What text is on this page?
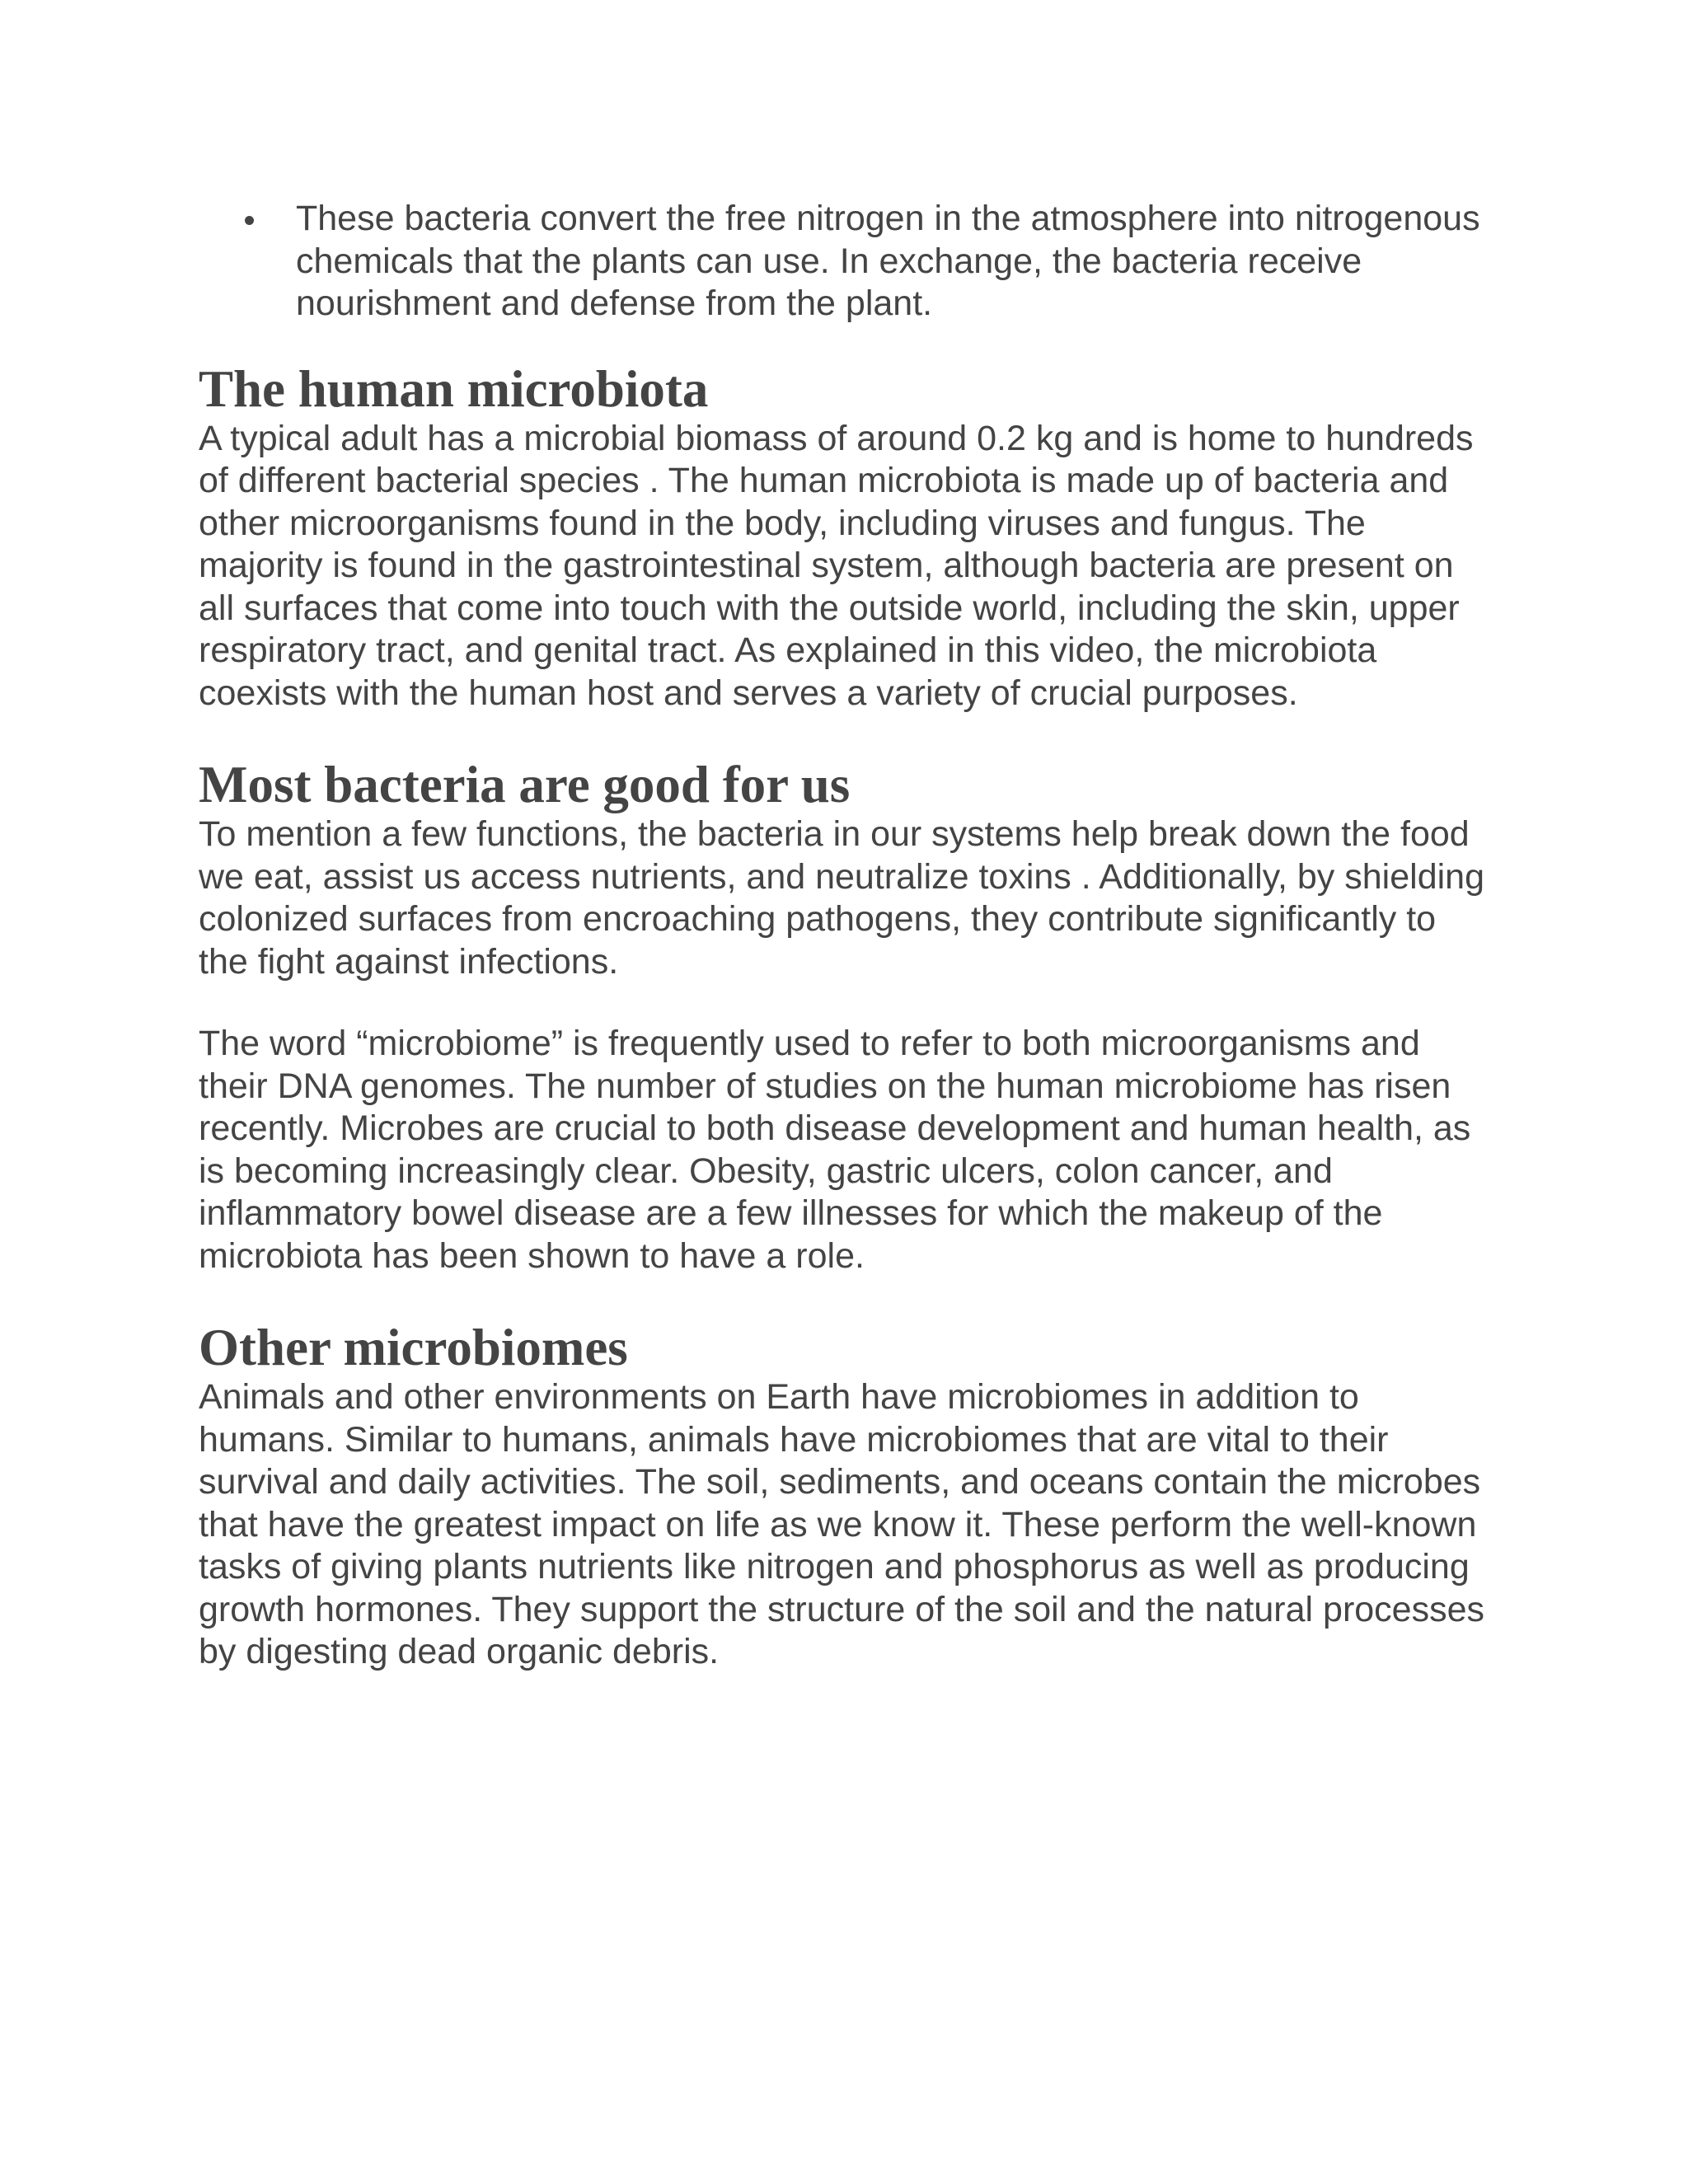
These bacteria convert the free nitrogen in the atmosphere into nitrogenous chemicals that the plants can use. In exchange, the bacteria receive nourishment and defense from the plant.

The human microbiota

A typical adult has a microbial biomass of around 0.2 kg and is home to hundreds of different bacterial species . The human microbiota is made up of bacteria and other microorganisms found in the body, including viruses and fungus. The majority is found in the gastrointestinal system, although bacteria are present on all surfaces that come into touch with the outside world, including the skin, upper respiratory tract, and genital tract. As explained in this video, the microbiota coexists with the human host and serves a variety of crucial purposes.

Most bacteria are good for us

To mention a few functions, the bacteria in our systems help break down the food we eat, assist us access nutrients, and neutralize toxins . Additionally, by shielding colonized surfaces from encroaching pathogens, they contribute significantly to the fight against infections.

The word “microbiome” is frequently used to refer to both microorganisms and their DNA genomes. The number of studies on the human microbiome has risen recently. Microbes are crucial to both disease development and human health, as is becoming increasingly clear. Obesity, gastric ulcers, colon cancer, and inflammatory bowel disease are a few illnesses for which the makeup of the microbiota has been shown to have a role.

Other microbiomes

Animals and other environments on Earth have microbiomes in addition to humans. Similar to humans, animals have microbiomes that are vital to their survival and daily activities. The soil, sediments, and oceans contain the microbes that have the greatest impact on life as we know it. These perform the well-known tasks of giving plants nutrients like nitrogen and phosphorus as well as producing growth hormones. They support the structure of the soil and the natural processes by digesting dead organic debris.
